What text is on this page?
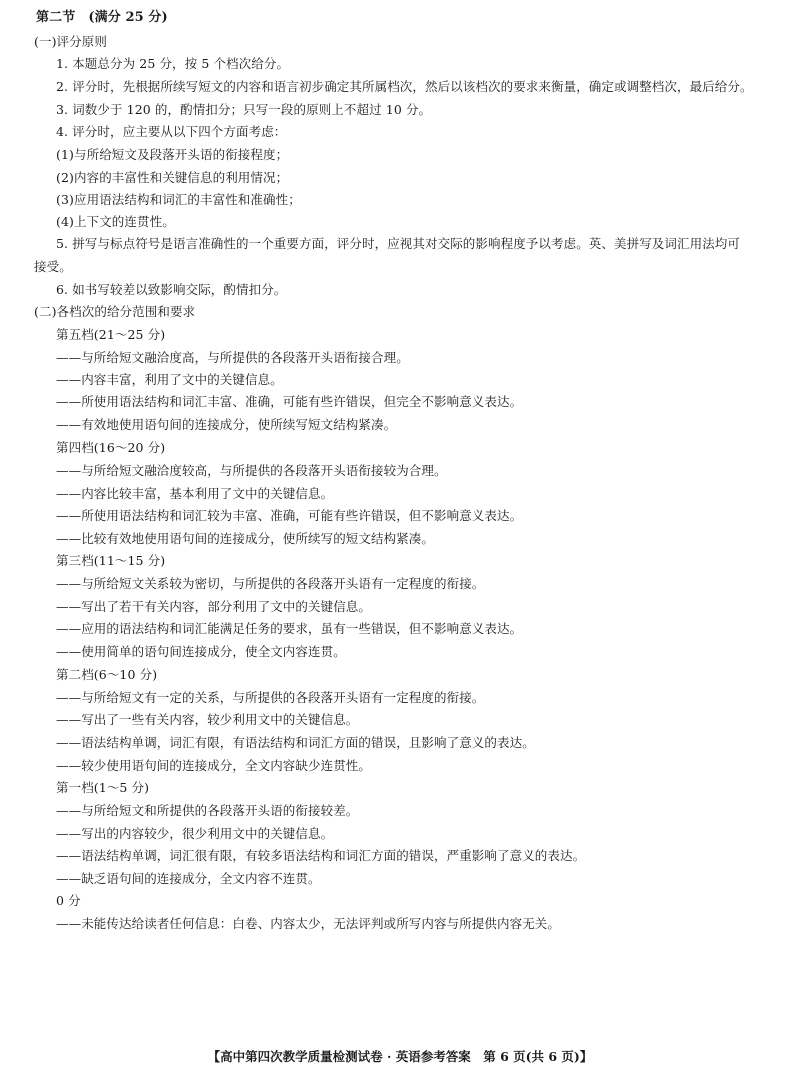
第二节　(满分 25 分)
(一)评分原则
1. 本题总分为 25 分，按 5 个档次给分。
2. 评分时，先根据所续写短文的内容和语言初步确定其所属档次，然后以该档次的要求来衡量，确定或调整档次，最后给分。
3. 词数少于 120 的，酌情扣分；只写一段的原则上不超过 10 分。
4. 评分时，应主要从以下四个方面考虑：
(1)与所给短文及段落开头语的衔接程度；
(2)内容的丰富性和关键信息的利用情况；
(3)应用语法结构和词汇的丰富性和准确性；
(4)上下文的连贯性。
5. 拼写与标点符号是语言准确性的一个重要方面，评分时，应视其对交际的影响程度予以考虑。英、美拼写及词汇用法均可
接受。
6. 如书写较差以致影响交际，酌情扣分。
(二)各档次的给分范围和要求
第五档(21～25 分)
——与所给短文融洽度高，与所提供的各段落开头语衔接合理。
——内容丰富，利用了文中的关键信息。
——所使用语法结构和词汇丰富、准确，可能有些许错误，但完全不影响意义表达。
——有效地使用语句间的连接成分，使所续写短文结构紧凑。
第四档(16～20 分)
——与所给短文融洽度较高，与所提供的各段落开头语衔接较为合理。
——内容比较丰富，基本利用了文中的关键信息。
——所使用语法结构和词汇较为丰富、准确，可能有些许错误，但不影响意义表达。
——比较有效地使用语句间的连接成分，使所续写的短文结构紧凑。
第三档(11～15 分)
——与所给短文关系较为密切，与所提供的各段落开头语有一定程度的衔接。
——写出了若干有关内容，部分利用了文中的关键信息。
——应用的语法结构和词汇能满足任务的要求，虽有一些错误，但不影响意义表达。
——使用简单的语句间连接成分，使全文内容连贯。
第二档(6～10 分)
——与所给短文有一定的关系，与所提供的各段落开头语有一定程度的衔接。
——写出了一些有关内容，较少利用文中的关键信息。
——语法结构单调，词汇有限，有语法结构和词汇方面的错误，且影响了意义的表达。
——较少使用语句间的连接成分，全文内容缺少连贯性。
第一档(1～5 分)
——与所给短文和所提供的各段落开头语的衔接较差。
——写出的内容较少，很少利用文中的关键信息。
——语法结构单调，词汇很有限，有较多语法结构和词汇方面的错误，严重影响了意义的表达。
——缺乏语句间的连接成分，全文内容不连贯。
0 分
——未能传达给读者任何信息：白卷、内容太少，无法评判或所写内容与所提供内容无关。
【高中第四次教学质量检测试卷 · 英语参考答案　第 6 页(共 6 页)】
